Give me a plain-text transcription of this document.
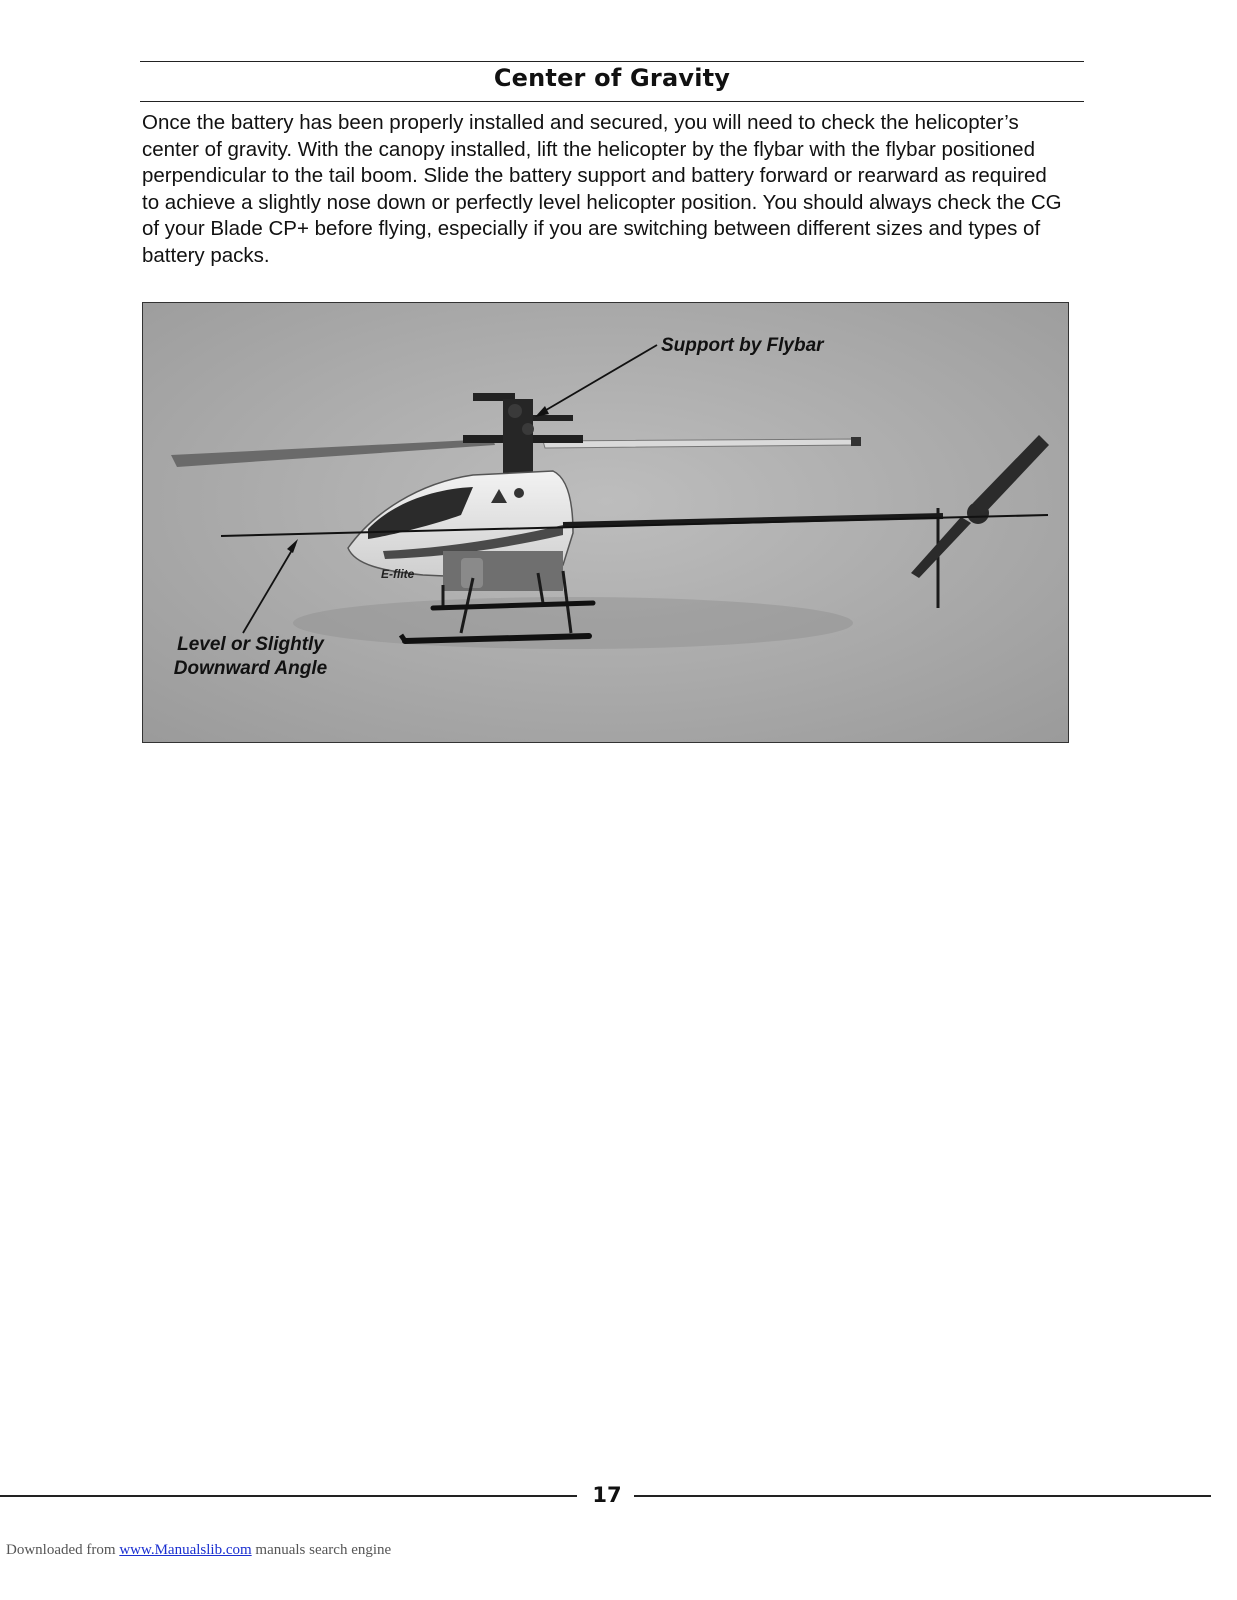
Center of Gravity
Once the battery has been properly installed and secured, you will need to check the helicopter’s
center of gravity. With the canopy installed, lift the helicopter by the flybar with the flybar positioned
perpendicular to the tail boom. Slide the battery support and battery forward or rearward as required
to achieve a slightly nose down or perfectly level helicopter position. You should always check the CG
of your Blade CP+ before flying, especially if you are switching between different sizes and types of
battery packs.
E-flite
Support by Flybar
Level or Slightly
Downward Angle
17
Downloaded from www.Manualslib.com manuals search engine
